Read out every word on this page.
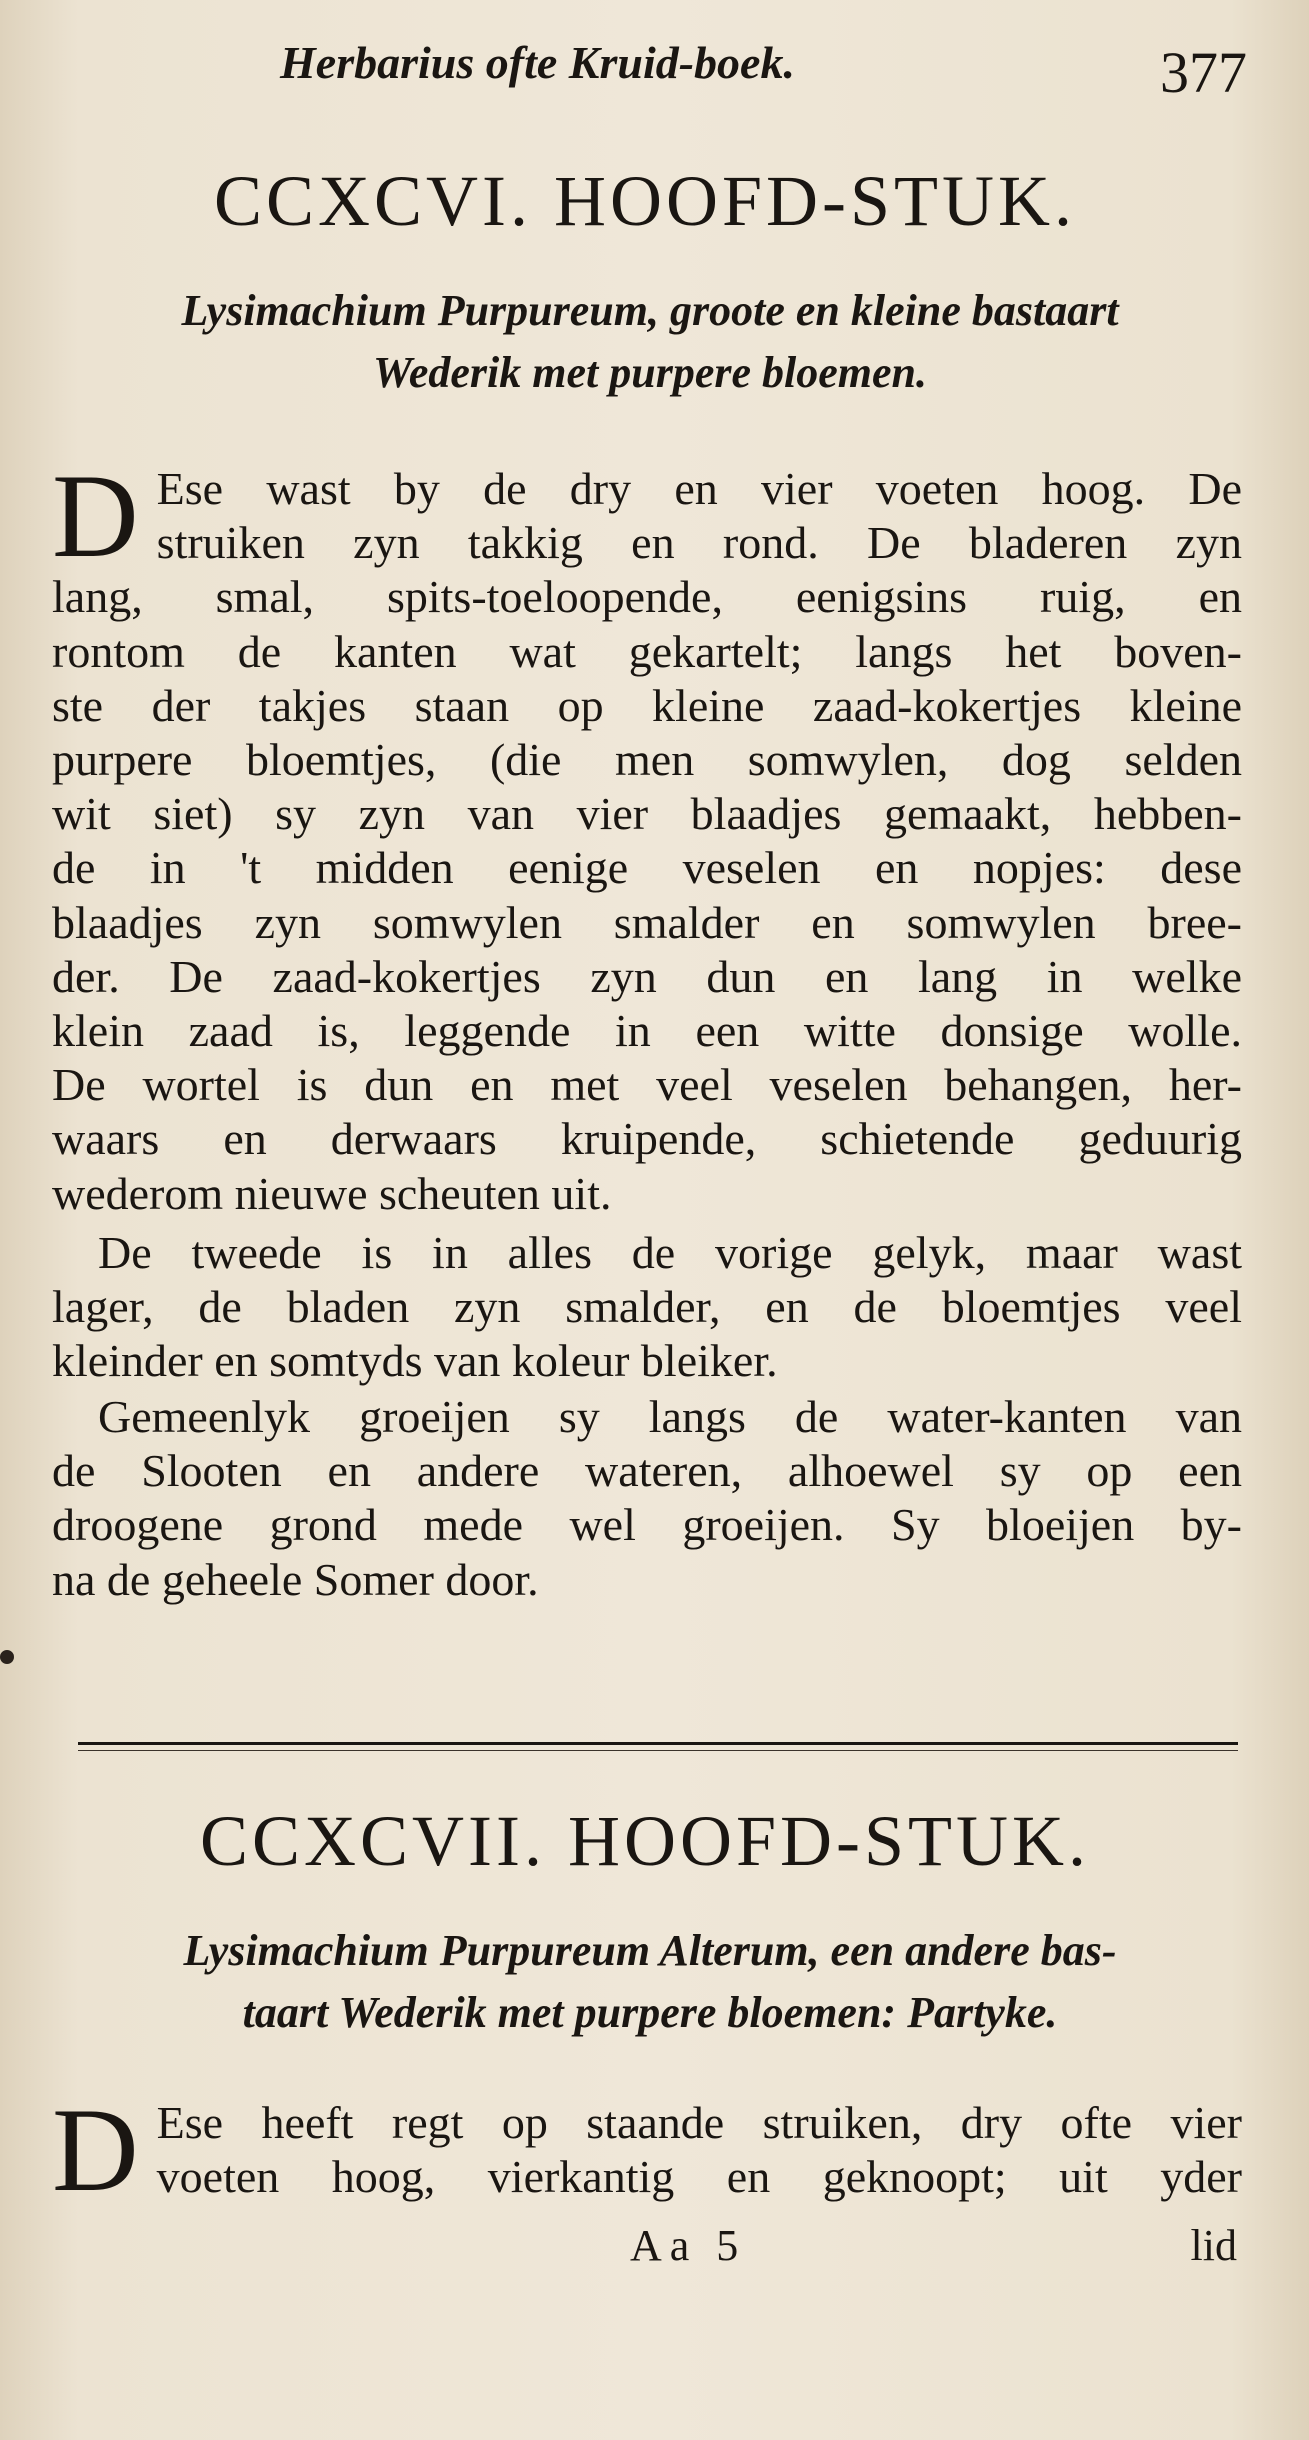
Herbarius ofte Kruid-boek.	377
CCXCVI. HOOFD-STUK.
Lysimachium Purpureum, groote en kleine bastaart
Wederik met purpere bloemen.
D Ese wast by de dry en vier voeten hoog. De
struiken zyn takkig en rond. De bladeren zyn
lang, smal, spits-toeloopende, eenigsins ruig, en
rontom de kanten wat gekartelt; langs het boven-
ste der takjes staan op kleine zaad-kokertjes kleine
purpere bloemtjes, (die men somwylen, dog selden
wit siet) sy zyn van vier blaadjes gemaakt, hebben-
de in 't midden eenige veselen en nopjes: dese
blaadjes zyn somwylen smalder en somwylen bree-
der. De zaad-kokertjes zyn dun en lang in welke
klein zaad is, leggende in een witte donsige wolle.
De wortel is dun en met veel veselen behangen, her-
waars en derwaars kruipende, schietende geduurig
wederom nieuwe scheuten uit.
De tweede is in alles de vorige gelyk, maar wast
lager, de bladen zyn smalder, en de bloemtjes veel
kleinder en somtyds van koleur bleiker.
Gemeenlyk groeijen sy langs de water-kanten van
de Slooten en andere wateren, alhoewel sy op een
droogene grond mede wel groeijen. Sy bloeijen by-
na de geheele Somer door.
CCXCVII. HOOFD-STUK.
Lysimachium Purpureum Alterum, een andere bas-
taart Wederik met purpere bloemen: Partyke.
D Ese heeft regt op staande struiken, dry ofte vier
voeten hoog, vierkantig en geknoopt; uit yder
Aa 5	lid
